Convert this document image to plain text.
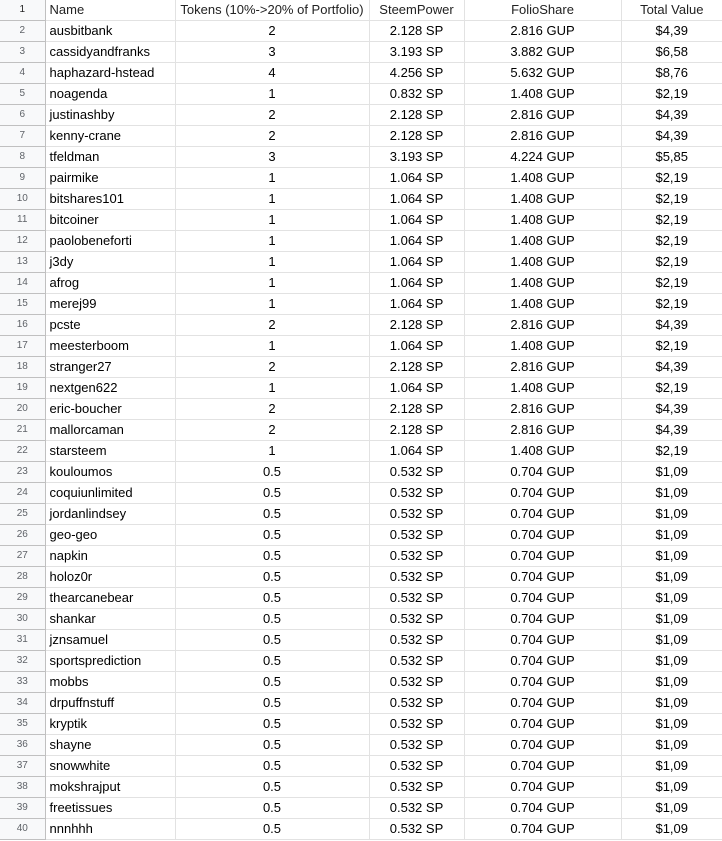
1	Name	Tokens (10%->20% of Portfolio)	SteemPower	FolioShare	Total Value
2	ausbitbank	2	2.128 SP	2.816 GUP	$4,39
3	cassidyandfranks	3	3.193 SP	3.882 GUP	$6,58
4	haphazard-hstead	4	4.256 SP	5.632 GUP	$8,76
5	noagenda	1	0.832 SP	1.408 GUP	$2,19
6	justinashby	2	2.128 SP	2.816 GUP	$4,39
7	kenny-crane	2	2.128 SP	2.816 GUP	$4,39
8	tfeldman	3	3.193 SP	4.224 GUP	$5,85
9	pairmike	1	1.064 SP	1.408 GUP	$2,19
10	bitshares101	1	1.064 SP	1.408 GUP	$2,19
11	bitcoiner	1	1.064 SP	1.408 GUP	$2,19
12	paolobeneforti	1	1.064 SP	1.408 GUP	$2,19
13	j3dy	1	1.064 SP	1.408 GUP	$2,19
14	afrog	1	1.064 SP	1.408 GUP	$2,19
15	merej99	1	1.064 SP	1.408 GUP	$2,19
16	pcste	2	2.128 SP	2.816 GUP	$4,39
17	meesterboom	1	1.064 SP	1.408 GUP	$2,19
18	stranger27	2	2.128 SP	2.816 GUP	$4,39
19	nextgen622	1	1.064 SP	1.408 GUP	$2,19
20	eric-boucher	2	2.128 SP	2.816 GUP	$4,39
21	mallorcaman	2	2.128 SP	2.816 GUP	$4,39
22	starsteem	1	1.064 SP	1.408 GUP	$2,19
23	kouloumos	0.5	0.532 SP	0.704 GUP	$1,09
24	coquiunlimited	0.5	0.532 SP	0.704 GUP	$1,09
25	jordanlindsey	0.5	0.532 SP	0.704 GUP	$1,09
26	geo-geo	0.5	0.532 SP	0.704 GUP	$1,09
27	napkin	0.5	0.532 SP	0.704 GUP	$1,09
28	holoz0r	0.5	0.532 SP	0.704 GUP	$1,09
29	thearcanebear	0.5	0.532 SP	0.704 GUP	$1,09
30	shankar	0.5	0.532 SP	0.704 GUP	$1,09
31	jznsamuel	0.5	0.532 SP	0.704 GUP	$1,09
32	sportsprediction	0.5	0.532 SP	0.704 GUP	$1,09
33	mobbs	0.5	0.532 SP	0.704 GUP	$1,09
34	drpuffnstuff	0.5	0.532 SP	0.704 GUP	$1,09
35	kryptik	0.5	0.532 SP	0.704 GUP	$1,09
36	shayne	0.5	0.532 SP	0.704 GUP	$1,09
37	snowwhite	0.5	0.532 SP	0.704 GUP	$1,09
38	mokshrajput	0.5	0.532 SP	0.704 GUP	$1,09
39	freetissues	0.5	0.532 SP	0.704 GUP	$1,09
40	nnnhhh	0.5	0.532 SP	0.704 GUP	$1,09
